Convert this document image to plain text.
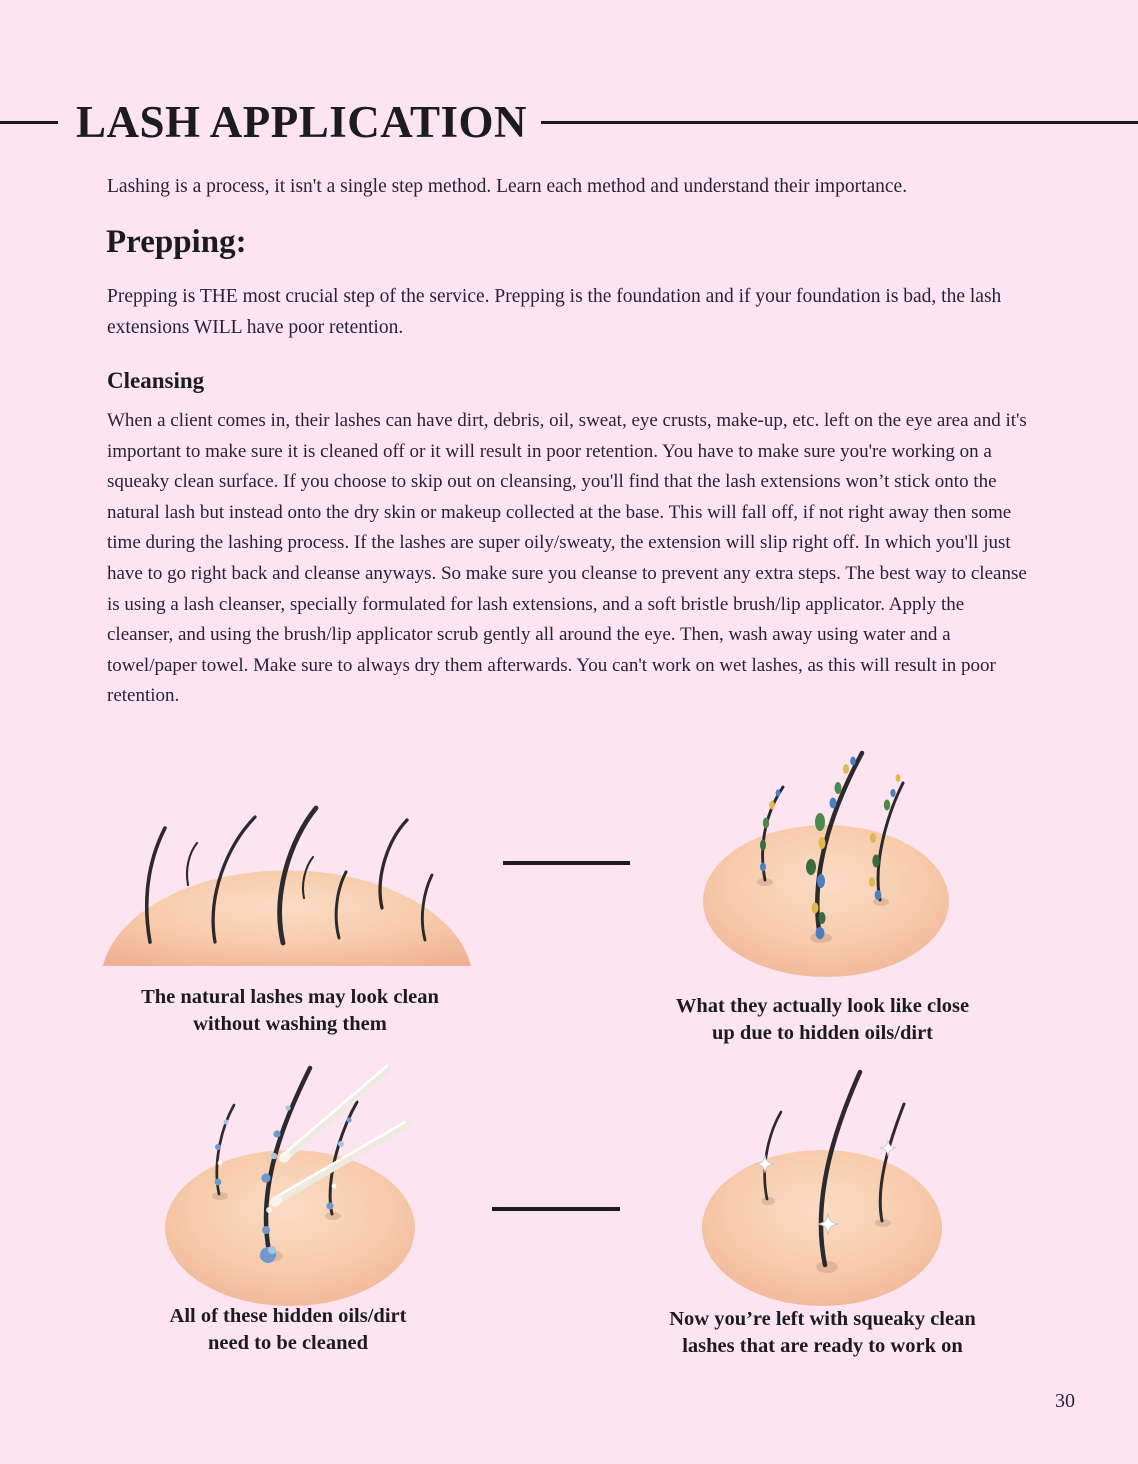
LASH APPLICATION

Lashing is a process, it isn't a single step method. Learn each method and understand their importance.

Prepping:

Prepping is THE most crucial step of the service. Prepping is the foundation and if your foundation is bad, the lash extensions WILL have poor retention.

Cleansing

When a client comes in, their lashes can have dirt, debris, oil, sweat, eye crusts, make-up, etc. left on the eye area and it's important to make sure it is cleaned off or it will result in poor retention. You have to make sure you're working on a squeaky clean surface. If you choose to skip out on cleansing, you'll find that the lash extensions won’t stick onto the natural lash but instead onto the dry skin or makeup collected at the base. This will fall off, if not right away then some time during the lashing process. If the lashes are super oily/sweaty, the extension will slip right off. In which you'll just have to go right back and cleanse anyways. So make sure you cleanse to prevent any extra steps. The best way to cleanse is using a lash cleanser, specially formulated for lash extensions, and a soft bristle brush/lip applicator. Apply the cleanser, and using the brush/lip applicator scrub gently all around the eye. Then, wash away using water and a towel/paper towel. Make sure to always dry them afterwards. You can't work on wet lashes, as this will result in poor retention.

The natural lashes may look clean
without washing them

What they actually look like close
up due to hidden oils/dirt

All of these hidden oils/dirt
need to be cleaned

Now you’re left with squeaky clean
lashes that are ready to work on

30
